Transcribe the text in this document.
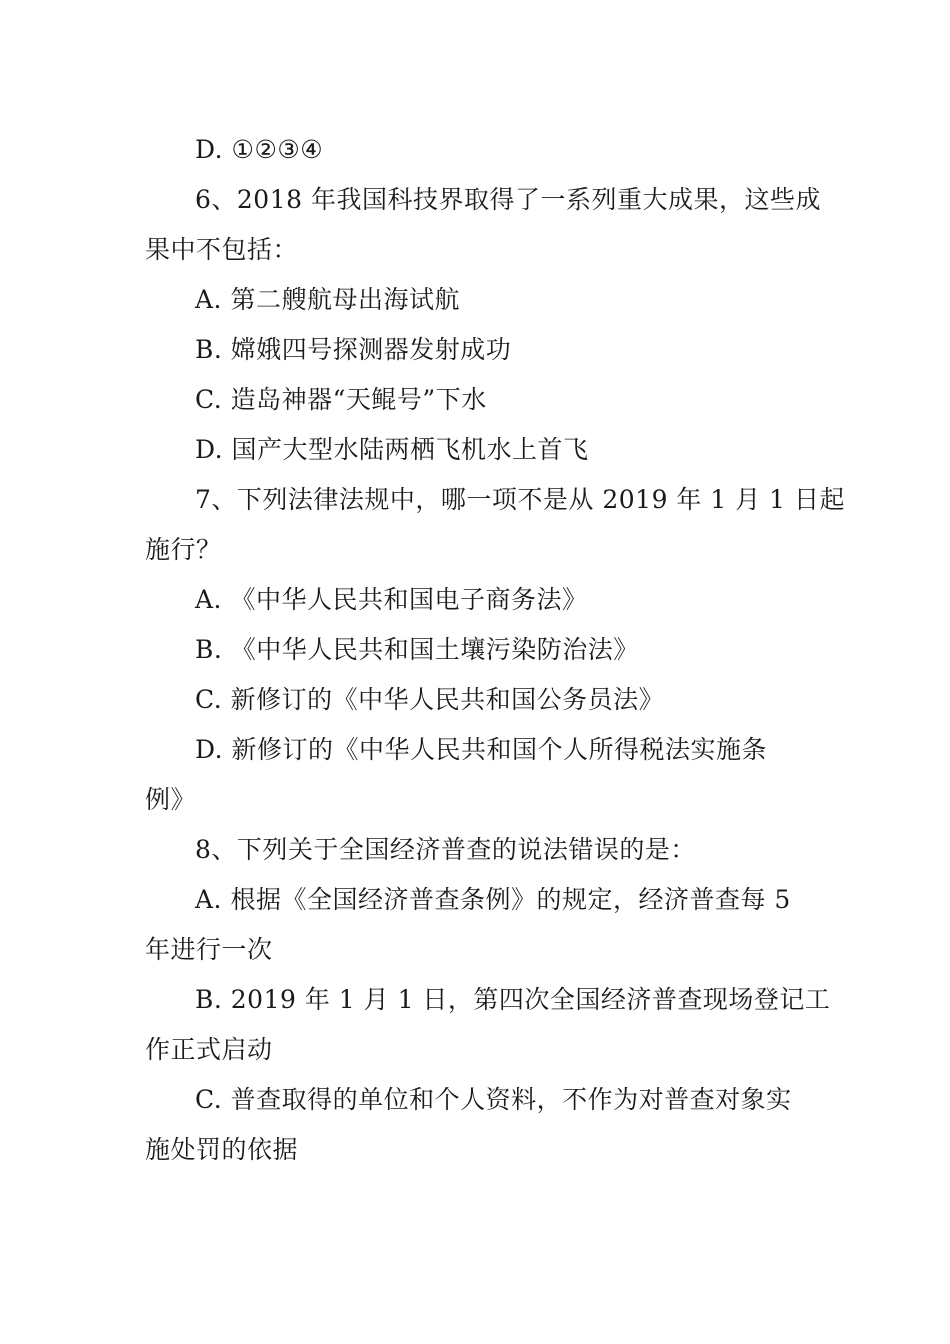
D. ①②③④
6、2018 年我国科技界取得了一系列重大成果，这些成
果中不包括：
A. 第二艘航母出海试航
B. 嫦娥四号探测器发射成功
C. 造岛神器“天鲲号”下水
D. 国产大型水陆两栖飞机水上首飞
7、下列法律法规中，哪一项不是从 2019 年 1 月 1 日起
施行？
A. 《中华人民共和国电子商务法》
B. 《中华人民共和国土壤污染防治法》
C. 新修订的《中华人民共和国公务员法》
D. 新修订的《中华人民共和国个人所得税法实施条
例》
8、下列关于全国经济普查的说法错误的是：
A. 根据《全国经济普查条例》的规定，经济普查每 5
年进行一次
B. 2019 年 1 月 1 日，第四次全国经济普查现场登记工
作正式启动
C. 普查取得的单位和个人资料，不作为对普查对象实
施处罚的依据
